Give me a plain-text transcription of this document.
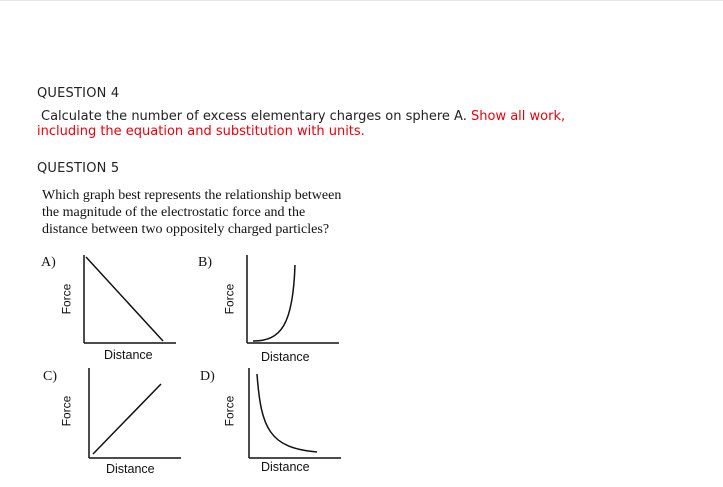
QUESTION 4
Calculate the number of excess elementary charges on sphere A. Show all work,
including the equation and substitution with units.
QUESTION 5
Which graph best represents the relationship between
the magnitude of the electrostatic force and the
distance between two oppositely charged particles?
A)
Force
Distance
B)
Force
Distance
C)
Force
Distance
D)
Force
Distance
